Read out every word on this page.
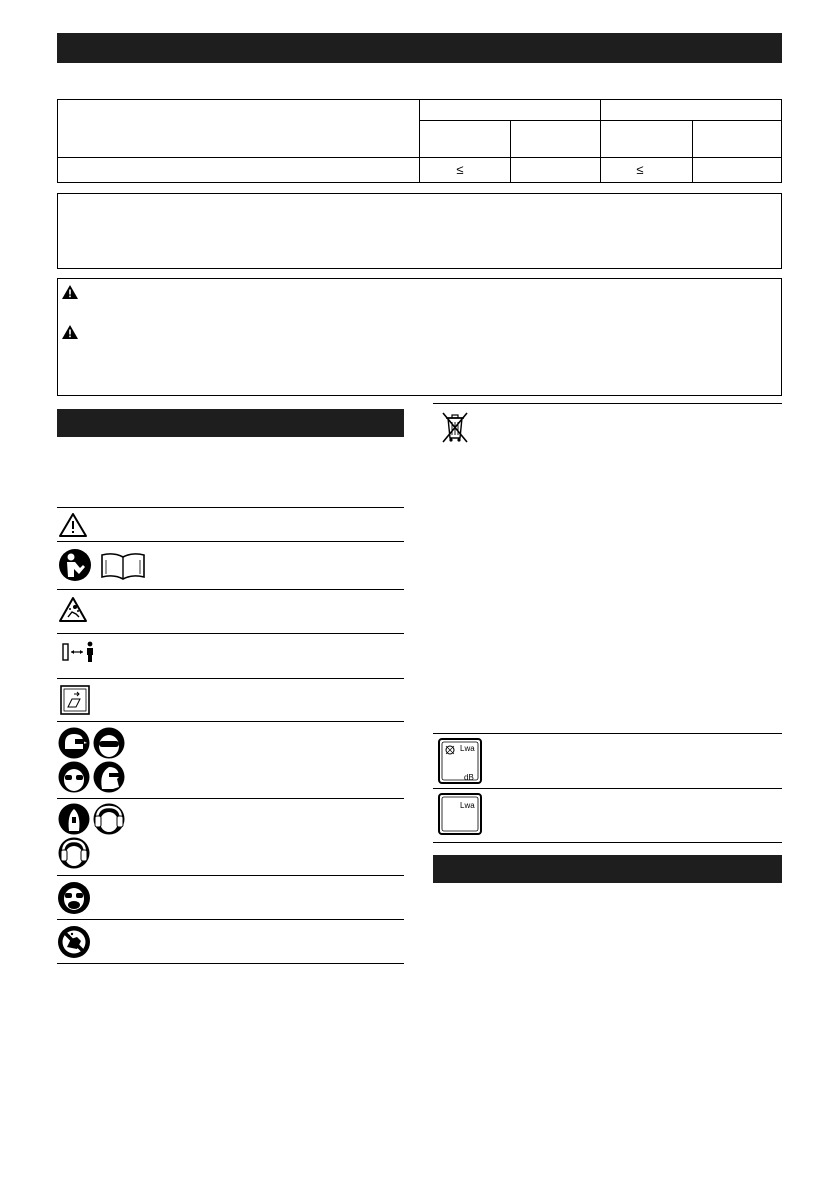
≤	≤
Lwa
dB
Lwa
